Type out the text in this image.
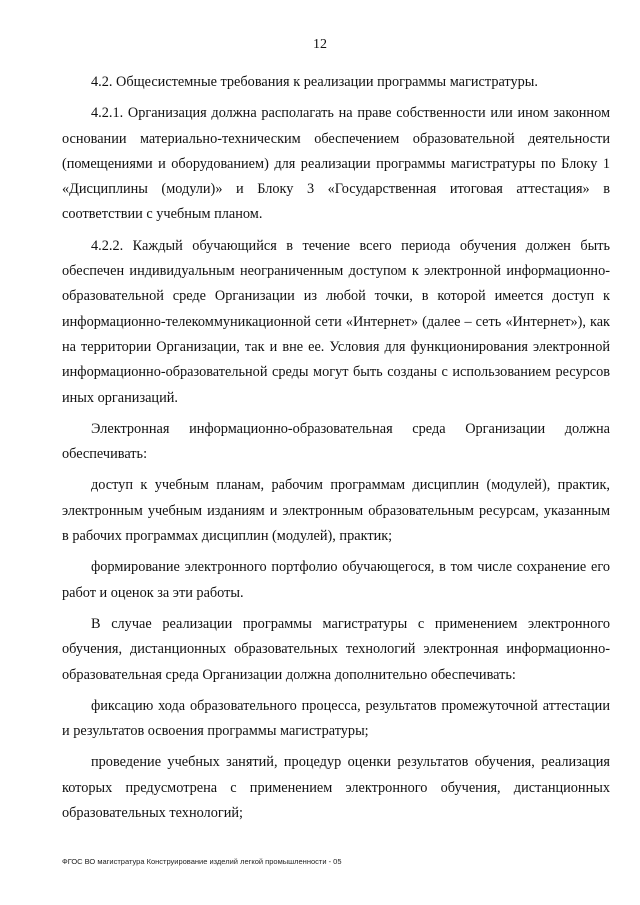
12

4.2. Общесистемные требования к реализации программы магистратуры.

4.2.1. Организация должна располагать на праве собственности или ином законном основании материально-техническим обеспечением образовательной деятельности (помещениями и оборудованием) для реализации программы магистратуры по Блоку 1 «Дисциплины (модули)» и Блоку 3 «Государственная итоговая аттестация» в соответствии с учебным планом.

4.2.2. Каждый обучающийся в течение всего периода обучения должен быть обеспечен индивидуальным неограниченным доступом к электронной информационно-образовательной среде Организации из любой точки, в которой имеется доступ к информационно-телекоммуникационной сети «Интернет» (далее – сеть «Интернет»), как на территории Организации, так и вне ее. Условия для функционирования электронной информационно-образовательной среды могут быть созданы с использованием ресурсов иных организаций.

Электронная информационно-образовательная среда Организации должна обеспечивать:

доступ к учебным планам, рабочим программам дисциплин (модулей), практик, электронным учебным изданиям и электронным образовательным ресурсам, указанным в рабочих программах дисциплин (модулей), практик;

формирование электронного портфолио обучающегося, в том числе сохранение его работ и оценок за эти работы.

В случае реализации программы магистратуры с применением электронного обучения, дистанционных образовательных технологий электронная информационно-образовательная среда Организации должна дополнительно обеспечивать:

фиксацию хода образовательного процесса, результатов промежуточной аттестации и результатов освоения программы магистратуры;

проведение учебных занятий, процедур оценки результатов обучения, реализация которых предусмотрена с применением электронного обучения, дистанционных образовательных технологий;

ФГОС ВО магистратура Конструирование изделий легкой промышленности - 05
